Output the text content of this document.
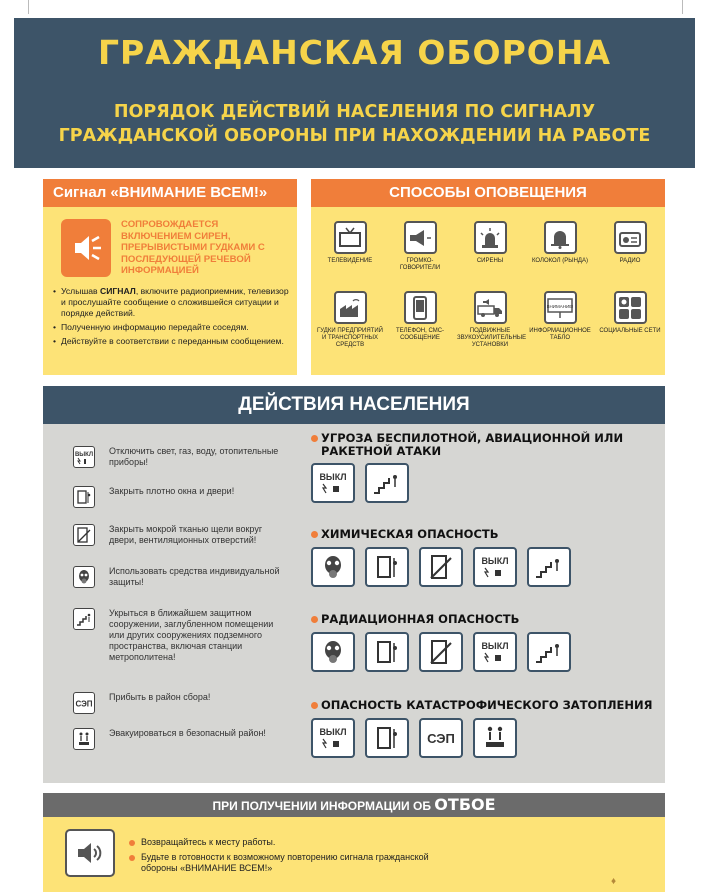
ГРАЖДАНСКАЯ ОБОРОНА
ПОРЯДОК ДЕЙСТВИЙ НАСЕЛЕНИЯ ПО СИГНАЛУ
ГРАЖДАНСКОЙ ОБОРОНЫ ПРИ НАХОЖДЕНИИ НА РАБОТЕ
Сигнал «ВНИМАНИЕ ВСЕМ!»
СОПРОВОЖДАЕТСЯ ВКЛЮЧЕНИЕМ СИРЕН, ПРЕРЫВИСТЫМИ ГУДКАМИ С ПОСЛЕДУЮЩЕЙ РЕЧЕВОЙ ИНФОРМАЦИЕЙ
• Услышав СИГНАЛ, включите радиоприемник, телевизор и прослушайте сообщение о сложившейся ситуации и порядке действий.
• Полученную информацию передайте соседям.
• Действуйте в соответствии с переданным сообщением.
СПОСОБЫ ОПОВЕЩЕНИЯ
ТЕЛЕВИДЕНИЕ	ГРОМКО-ГОВОРИТЕЛИ
СИРЕНЫ	КОЛОКОЛ (РЫНДА)	РАДИО
ГУДКИ ПРЕДПРИЯТИЙ И ТРАНСПОРТНЫХ СРЕДСТВ
ТЕЛЕФОН, СМС-СООБЩЕНИЕ
ПОДВИЖНЫЕ ЗВУКОУСИЛИТЕЛЬНЫЕ УСТАНОВКИ
ВНИМАНИЕ!
ИНФОРМАЦИОННОЕ ТАБЛО
СОЦИАЛЬНЫЕ СЕТИ
ДЕЙСТВИЯ НАСЕЛЕНИЯ
ВЫКЛ Отключить свет, газ, воду, отопительные приборы!
Закрыть плотно окна и двери!
Закрыть мокрой тканью щели вокруг двери, вентиляционных отверстий!
Использовать средства индивидуальной защиты!
Укрыться в ближайшем защитном сооружении, заглубленном помещении или других сооружениях подземного пространства, включая станции метрополитена!
СЭП
Прибыть в район сбора!
Эвакуироваться в безопасный район!
УГРОЗА БЕСПИЛОТНОЙ, АВИАЦИОННОЙ ИЛИ РАКЕТНОЙ АТАКИ
ВЫКЛ
ХИМИЧЕСКАЯ ОПАСНОСТЬ
ВЫКЛ
РАДИАЦИОННАЯ ОПАСНОСТЬ
ВЫКЛ
ОПАСНОСТЬ КАТАСТРОФИЧЕСКОГО ЗАТОПЛЕНИЯ
ВЫКЛ	СЭП
ПРИ ПОЛУЧЕНИИ ИНФОРМАЦИИ ОБ ОТБОЕ
Возвращайтесь к месту работы.
Будьте в готовности к возможному повторению сигнала гражданской обороны «ВНИМАНИЕ ВСЕМ!»
♦
